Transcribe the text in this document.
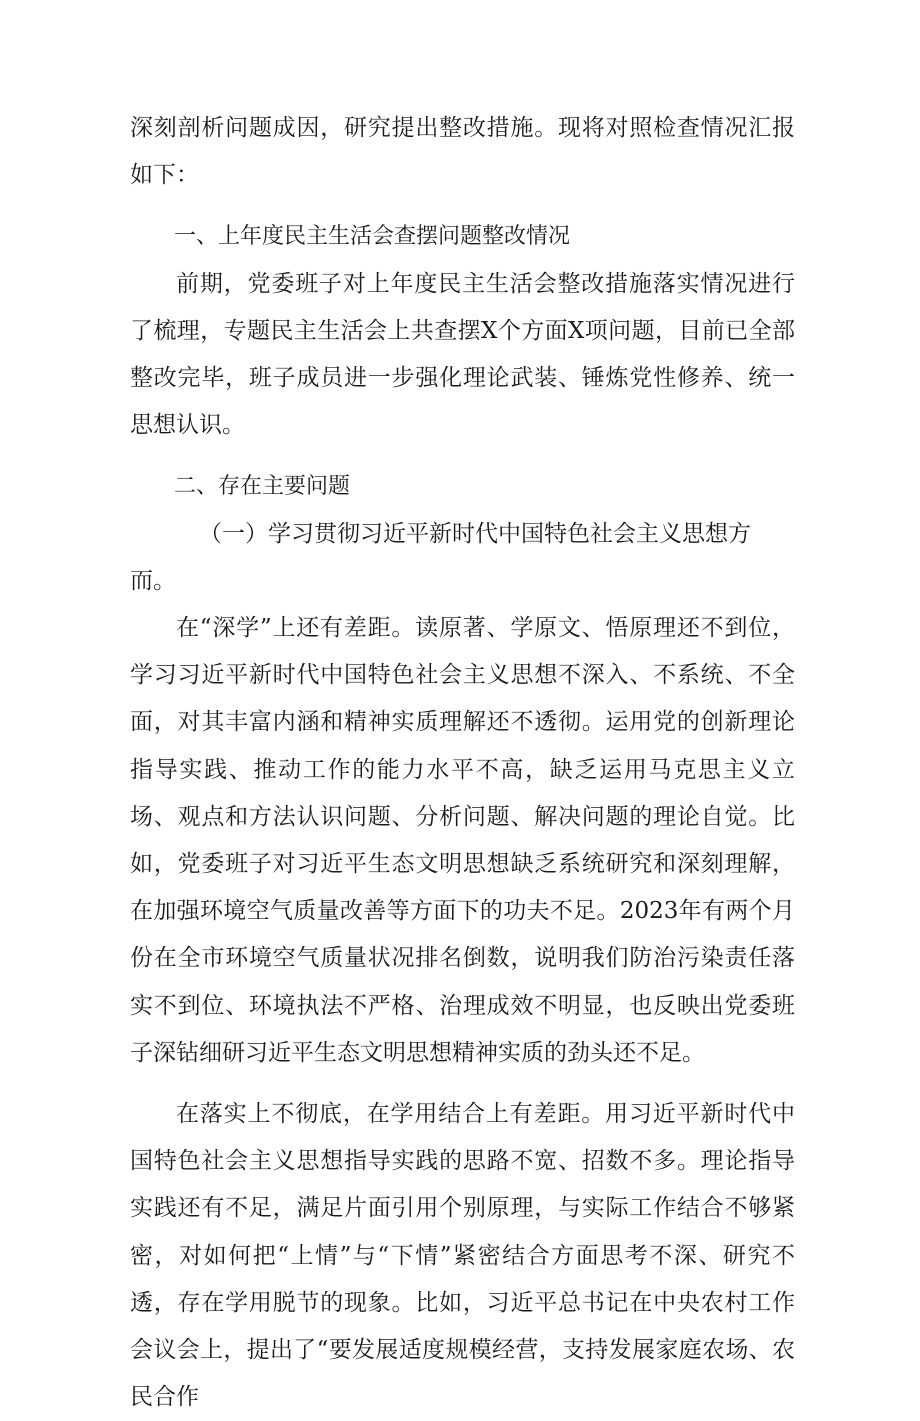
深刻剖析问题成因，研究提出整改措施。现将对照检查情况汇报如下：

一、上年度民主生活会查摆问题整改情况

前期，党委班子对上年度民主生活会整改措施落实情况进行了梳理，专题民主生活会上共查摆X个方面X项问题，目前已全部整改完毕，班子成员进一步强化理论武装、锤炼党性修养、统一思想认识。

二、存在主要问题

（一）学习贯彻习近平新时代中国特色社会主义思想方而。

在“深学”上还有差距。读原著、学原文、悟原理还不到位，学习习近平新时代中国特色社会主义思想不深入、不系统、不全面，对其丰富内涵和精神实质理解还不透彻。运用党的创新理论指导实践、推动工作的能力水平不高，缺乏运用马克思主义立场、观点和方法认识问题、分析问题、解决问题的理论自觉。比如，党委班子对习近平生态文明思想缺乏系统研究和深刻理解，在加强环境空气质量改善等方面下的功夫不足。2023年有两个月份在全市环境空气质量状况排名倒数，说明我们防治污染责任落实不到位、环境执法不严格、治理成效不明显，也反映出党委班子深钻细研习近平生态文明思想精神实质的劲头还不足。

在落实上不彻底，在学用结合上有差距。用习近平新时代中国特色社会主义思想指导实践的思路不宽、招数不多。理论指导实践还有不足，满足片面引用个别原理，与实际工作结合不够紧密，对如何把“上情”与“下情”紧密结合方面思考不深、研究不透，存在学用脱节的现象。比如，习近平总书记在中央农村工作会议会上，提出了“要发展适度规模经营，支持发展家庭农场、农民合作
